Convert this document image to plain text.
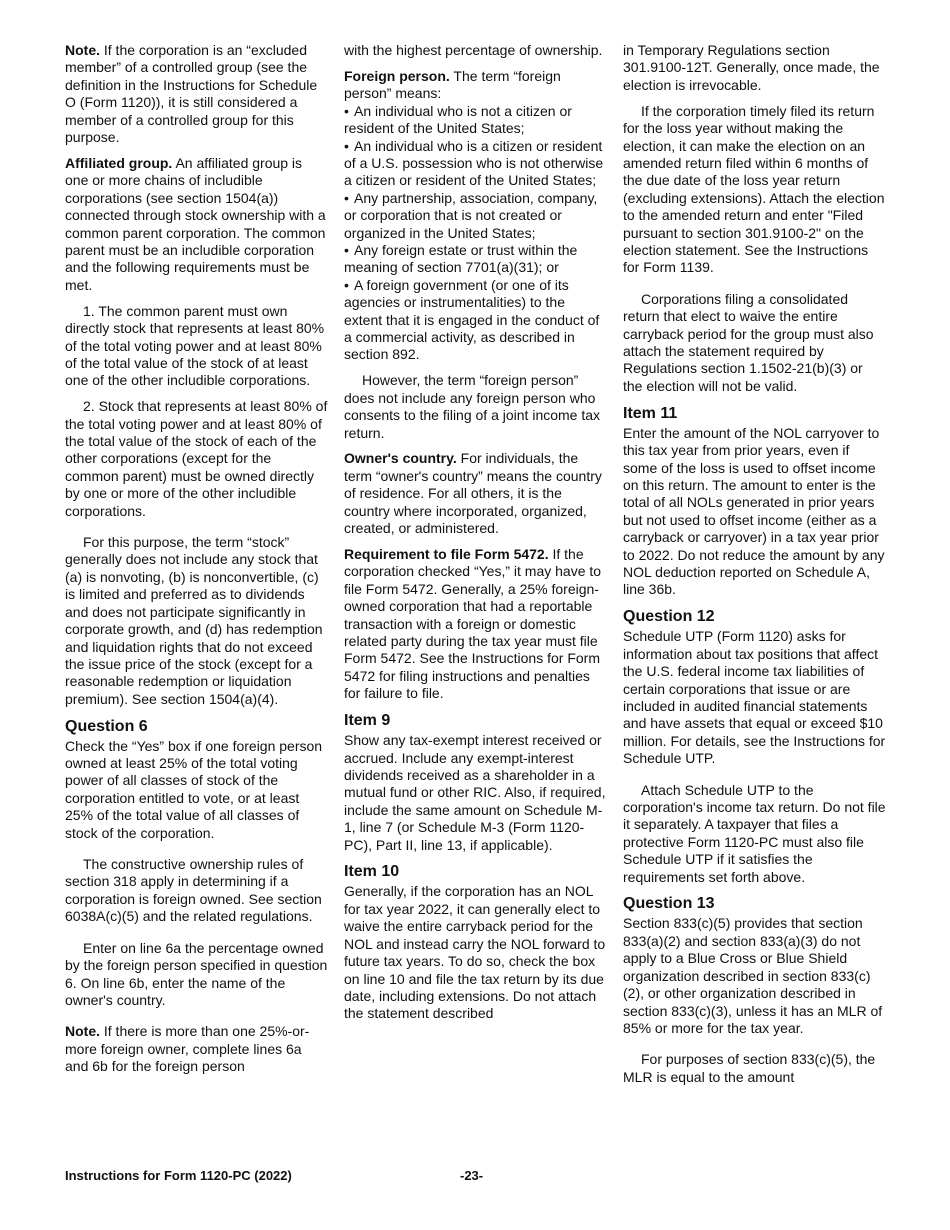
Note. If the corporation is an “excluded member” of a controlled group (see the definition in the Instructions for Schedule O (Form 1120)), it is still considered a member of a controlled group for this purpose.

Affiliated group. An affiliated group is one or more chains of includible corporations (see section 1504(a)) connected through stock ownership with a common parent corporation. The common parent must be an includible corporation and the following requirements must be met.

1. The common parent must own directly stock that represents at least 80% of the total voting power and at least 80% of the total value of the stock of at least one of the other includible corporations.

2. Stock that represents at least 80% of the total voting power and at least 80% of the total value of the stock of each of the other corporations (except for the common parent) must be owned directly by one or more of the other includible corporations.

For this purpose, the term “stock” generally does not include any stock that (a) is nonvoting, (b) is nonconvertible, (c) is limited and preferred as to dividends and does not participate significantly in corporate growth, and (d) has redemption and liquidation rights that do not exceed the issue price of the stock (except for a reasonable redemption or liquidation premium). See section 1504(a)(4).

Question 6

Check the “Yes” box if one foreign person owned at least 25% of the total voting power of all classes of stock of the corporation entitled to vote, or at least 25% of the total value of all classes of stock of the corporation.

The constructive ownership rules of section 318 apply in determining if a corporation is foreign owned. See section 6038A(c)(5) and the related regulations.

Enter on line 6a the percentage owned by the foreign person specified in question 6. On line 6b, enter the name of the owner's country.

Note. If there is more than one 25%-or-more foreign owner, complete lines 6a and 6b for the foreign person

with the highest percentage of ownership.

Foreign person. The term “foreign person” means:

• An individual who is not a citizen or resident of the United States;

• An individual who is a citizen or resident of a U.S. possession who is not otherwise a citizen or resident of the United States;

• Any partnership, association, company, or corporation that is not created or organized in the United States;

• Any foreign estate or trust within the meaning of section 7701(a)(31); or

• A foreign government (or one of its agencies or instrumentalities) to the extent that it is engaged in the conduct of a commercial activity, as described in section 892.

However, the term “foreign person” does not include any foreign person who consents to the filing of a joint income tax return.

Owner's country. For individuals, the term “owner's country” means the country of residence. For all others, it is the country where incorporated, organized, created, or administered.

Requirement to file Form 5472. If the corporation checked “Yes,” it may have to file Form 5472. Generally, a 25% foreign-owned corporation that had a reportable transaction with a foreign or domestic related party during the tax year must file Form 5472. See the Instructions for Form 5472 for filing instructions and penalties for failure to file.

Item 9

Show any tax-exempt interest received or accrued. Include any exempt-interest dividends received as a shareholder in a mutual fund or other RIC. Also, if required, include the same amount on Schedule M-1, line 7 (or Schedule M-3 (Form 1120-PC), Part II, line 13, if applicable).

Item 10

Generally, if the corporation has an NOL for tax year 2022, it can generally elect to waive the entire carryback period for the NOL and instead carry the NOL forward to future tax years. To do so, check the box on line 10 and file the tax return by its due date, including extensions. Do not attach the statement described

in Temporary Regulations section 301.9100-12T. Generally, once made, the election is irrevocable.

If the corporation timely filed its return for the loss year without making the election, it can make the election on an amended return filed within 6 months of the due date of the loss year return (excluding extensions). Attach the election to the amended return and enter "Filed pursuant to section 301.9100-2" on the election statement. See the Instructions for Form 1139.

Corporations filing a consolidated return that elect to waive the entire carryback period for the group must also attach the statement required by Regulations section 1.1502-21(b)(3) or the election will not be valid.

Item 11

Enter the amount of the NOL carryover to this tax year from prior years, even if some of the loss is used to offset income on this return. The amount to enter is the total of all NOLs generated in prior years but not used to offset income (either as a carryback or carryover) in a tax year prior to 2022. Do not reduce the amount by any NOL deduction reported on Schedule A, line 36b.

Question 12

Schedule UTP (Form 1120) asks for information about tax positions that affect the U.S. federal income tax liabilities of certain corporations that issue or are included in audited financial statements and have assets that equal or exceed $10 million. For details, see the Instructions for Schedule UTP.

Attach Schedule UTP to the corporation's income tax return. Do not file it separately. A taxpayer that files a protective Form 1120-PC must also file Schedule UTP if it satisfies the requirements set forth above.

Question 13

Section 833(c)(5) provides that section 833(a)(2) and section 833(a)(3) do not apply to a Blue Cross or Blue Shield organization described in section 833(c)(2), or other organization described in section 833(c)(3), unless it has an MLR of 85% or more for the tax year.

For purposes of section 833(c)(5), the MLR is equal to the amount

Instructions for Form 1120-PC (2022)	-23-
